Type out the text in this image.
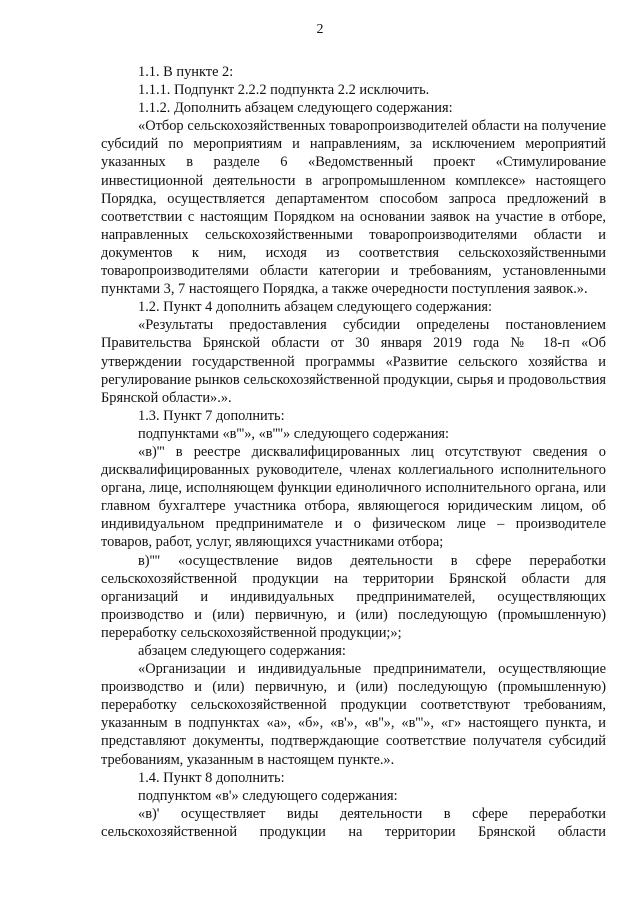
2

1.1. В пункте 2:

1.1.1. Подпункт 2.2.2 подпункта 2.2 исключить.

1.1.2. Дополнить абзацем следующего содержания:

«Отбор сельскохозяйственных товаропроизводителей области на получение субсидий по мероприятиям и направлениям, за исключением мероприятий указанных в разделе 6 «Ведомственный проект «Стимулирование инвестиционной деятельности в агропромышленном комплексе» настоящего Порядка, осуществляется департаментом способом запроса предложений в соответствии с настоящим Порядком на основании заявок на участие в отборе, направленных сельскохозяйственными товаропроизводителями области и документов к ним, исходя из соответствия сельскохозяйственными товаропроизводителями области категории и требованиям, установленными пунктами 3, 7 настоящего Порядка, а также очередности поступления заявок.».

1.2. Пункт 4 дополнить абзацем следующего содержания:

«Результаты предоставления субсидии определены постановлением Правительства Брянской области от 30 января 2019 года № 18-п «Об утверждении государственной программы «Развитие сельского хозяйства и регулирование рынков сельскохозяйственной продукции, сырья и продовольствия Брянской области».».

1.3. Пункт 7 дополнить:

подпунктами «в'''», «в''''» следующего содержания:

«в)''' в реестре дисквалифицированных лиц отсутствуют сведения о дисквалифицированных руководителе, членах коллегиального исполнительного органа, лице, исполняющем функции единоличного исполнительного органа, или главном бухгалтере участника отбора, являющегося юридическим лицом, об индивидуальном предпринимателе и о физическом лице – производителе товаров, работ, услуг, являющихся участниками отбора;

в)'''' «осуществление видов деятельности в сфере переработки сельскохозяйственной продукции на территории Брянской области для организаций и индивидуальных предпринимателей, осуществляющих производство и (или) первичную, и (или) последующую (промышленную) переработку сельскохозяйственной продукции;»;

абзацем следующего содержания:

«Организации и индивидуальные предприниматели, осуществляющие производство и (или) первичную, и (или) последующую (промышленную) переработку сельскохозяйственной продукции соответствуют требованиям, указанным в подпунктах «а», «б», «в'», «в''», «в'''», «г» настоящего пункта, и представляют документы, подтверждающие соответствие получателя субсидий требованиям, указанным в настоящем пункте.».

1.4. Пункт 8 дополнить:

подпунктом «в'» следующего содержания:

«в)' осуществляет виды деятельности в сфере переработки сельскохозяйственной продукции на территории Брянской области
